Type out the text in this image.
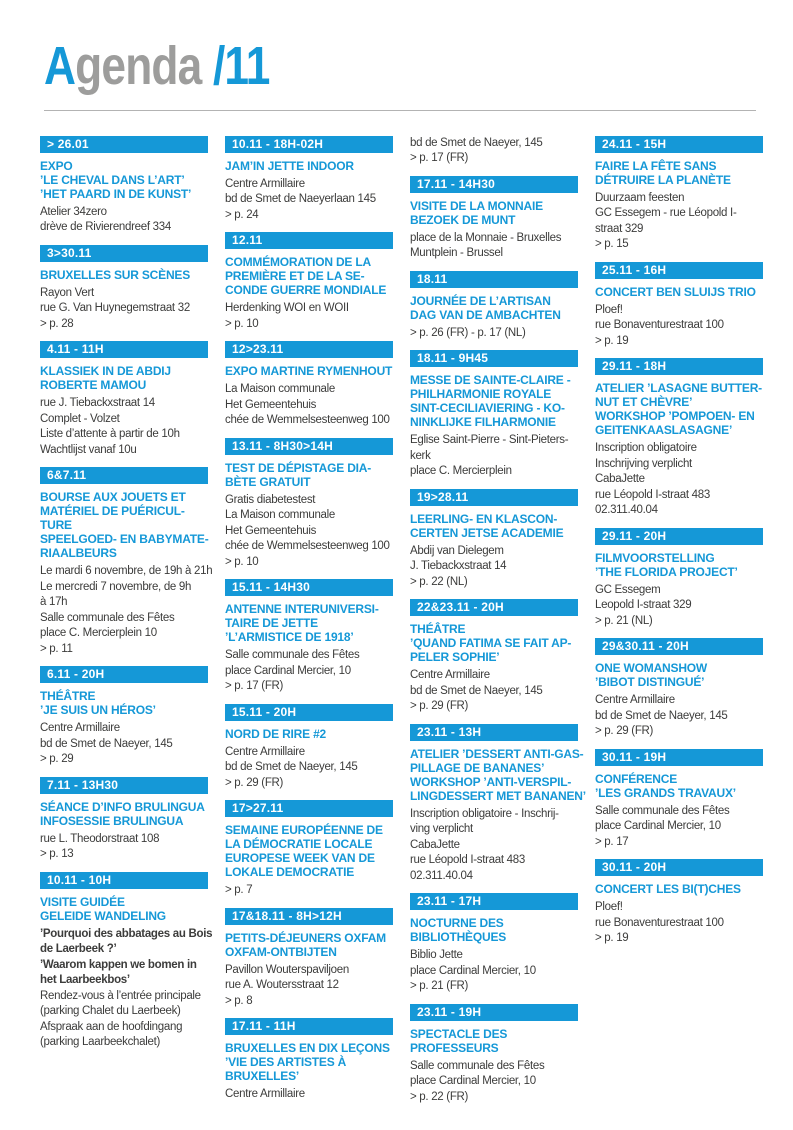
Agenda /11
> 26.01
EXPO
’LE CHEVAL DANS L’ART’
’HET PAARD IN DE KUNST’
Atelier 34zero
drève de Rivierendreef 334
3>30.11
BRUXELLES SUR SCÈNES
Rayon Vert
rue G. Van Huynegemstraat 32
> p. 28
4.11 - 11H
KLASSIEK IN DE ABDIJ
ROBERTE MAMOU
rue J. Tiebackxstraat 14
Complet - Volzet
Liste d’attente à partir de 10h
Wachtlijst vanaf 10u
6&7.11
BOURSE AUX JOUETS ET
MATÉRIEL DE PUÉRICUL-
TURE
SPEELGOED- EN BABYMATE-
RIAALBEURS
Le mardi 6 novembre, de 19h à 21h
Le mercredi 7 novembre, de 9h
à 17h
Salle communale des Fêtes
place C. Mercierplein 10
> p. 11
6.11 - 20H
THÉÂTRE
’JE SUIS UN HÉROS’
Centre Armillaire
bd de Smet de Naeyer, 145
> p. 29
7.11 - 13H30
SÉANCE D’INFO BRULINGUA
INFOSESSIE BRULINGUA
rue L. Theodorstraat 108
> p. 13
10.11 - 10H
VISITE GUIDÉE
GELEIDE WANDELING
’Pourquoi des abbatages au Bois
de Laerbeek ?’
’Waarom kappen we bomen in
het Laarbeekbos’
Rendez-vous à l’entrée principale
(parking Chalet du Laerbeek)
Afspraak aan de hoofdingang
(parking Laarbeekchalet)
10.11 - 18H-02H
JAM’IN JETTE INDOOR
Centre Armillaire
bd de Smet de Naeyerlaan 145
> p. 24
12.11
COMMÉMORATION DE LA
PREMIÈRE ET DE LA SE-
CONDE GUERRE MONDIALE
Herdenking WOI en WOII
> p. 10
12>23.11
EXPO MARTINE RYMENHOUT
La Maison communale
Het Gemeentehuis
chée de Wemmelsesteenweg 100
13.11 - 8H30>14H
TEST DE DÉPISTAGE DIA-
BÈTE GRATUIT
Gratis diabetestest
La Maison communale
Het Gemeentehuis
chée de Wemmelsesteenweg 100
> p. 10
15.11 - 14H30
ANTENNE INTERUNIVERSI-
TAIRE DE JETTE
’L’ARMISTICE DE 1918’
Salle communale des Fêtes
place Cardinal Mercier, 10
> p. 17 (FR)
15.11 - 20H
NORD DE RIRE #2
Centre Armillaire
bd de Smet de Naeyer, 145
> p. 29 (FR)
17>27.11
SEMAINE EUROPÉENNE DE
LA DÉMOCRATIE LOCALE
EUROPESE WEEK VAN DE
LOKALE DEMOCRATIE
> p. 7
17&18.11 - 8H>12H
PETITS-DÉJEUNERS OXFAM
OXFAM-ONTBIJTEN
Pavillon Wouterspaviljoen
rue A. Woutersstraat 12
> p. 8
17.11 - 11H
BRUXELLES EN DIX LEÇONS
’VIE DES ARTISTES À
BRUXELLES’
Centre Armillaire
bd de Smet de Naeyer, 145
> p. 17 (FR)
17.11 - 14H30
VISITE DE LA MONNAIE
BEZOEK DE MUNT
place de la Monnaie - Bruxelles
Muntplein - Brussel
18.11
JOURNÉE DE L’ARTISAN
DAG VAN DE AMBACHTEN
> p. 26 (FR) - p. 17 (NL)
18.11 - 9H45
MESSE DE SAINTE-CLAIRE -
PHILHARMONIE ROYALE
SINT-CECILIAVIERING - KO-
NINKLIJKE FILHARMONIE
Eglise Saint-Pierre - Sint-Pieters-
kerk
place C. Mercierplein
19>28.11
LEERLING- EN KLASCON-
CERTEN JETSE ACADEMIE
Abdij van Dielegem
J. Tiebackxstraat 14
> p. 22 (NL)
22&23.11 - 20H
THÉÂTRE
’QUAND FATIMA SE FAIT AP-
PELER SOPHIE’
Centre Armillaire
bd de Smet de Naeyer, 145
> p. 29 (FR)
23.11 - 13H
ATELIER ’DESSERT ANTI-GAS-
PILLAGE DE BANANES’
WORKSHOP ’ANTI-VERSPIL-
LINGDESSERT MET BANANEN’
Inscription obligatoire - Inschrij-
ving verplicht
CabaJette
rue Léopold I-straat 483
02.311.40.04
23.11 - 17H
NOCTURNE DES
BIBLIOTHÈQUES
Biblio Jette
place Cardinal Mercier, 10
> p. 21 (FR)
23.11 - 19H
SPECTACLE DES
PROFESSEURS
Salle communale des Fêtes
place Cardinal Mercier, 10
> p. 22 (FR)
24.11 - 15H
FAIRE LA FÊTE SANS
DÉTRUIRE LA PLANÈTE
Duurzaam feesten
GC Essegem - rue Léopold I-
straat 329
> p. 15
25.11 - 16H
CONCERT BEN SLUIJS TRIO
Ploef!
rue Bonaventurestraat 100
> p. 19
29.11 - 18H
ATELIER ’LASAGNE BUTTER-
NUT ET CHÈVRE’
WORKSHOP ’POMPOEN- EN
GEITENKAASLASAGNE’
Inscription obligatoire
Inschrijving verplicht
CabaJette
rue Léopold I-straat 483
02.311.40.04
29.11 - 20H
FILMVOORSTELLING
’THE FLORIDA PROJECT’
GC Essegem
Leopold I-straat 329
> p. 21 (NL)
29&30.11 - 20H
ONE WOMANSHOW
’BIBOT DISTINGUÉ’
Centre Armillaire
bd de Smet de Naeyer, 145
> p. 29 (FR)
30.11 - 19H
CONFÉRENCE
’LES GRANDS TRAVAUX’
Salle communale des Fêtes
place Cardinal Mercier, 10
> p. 17
30.11 - 20H
CONCERT LES BI(T)CHES
Ploef!
rue Bonaventurestraat 100
> p. 19
